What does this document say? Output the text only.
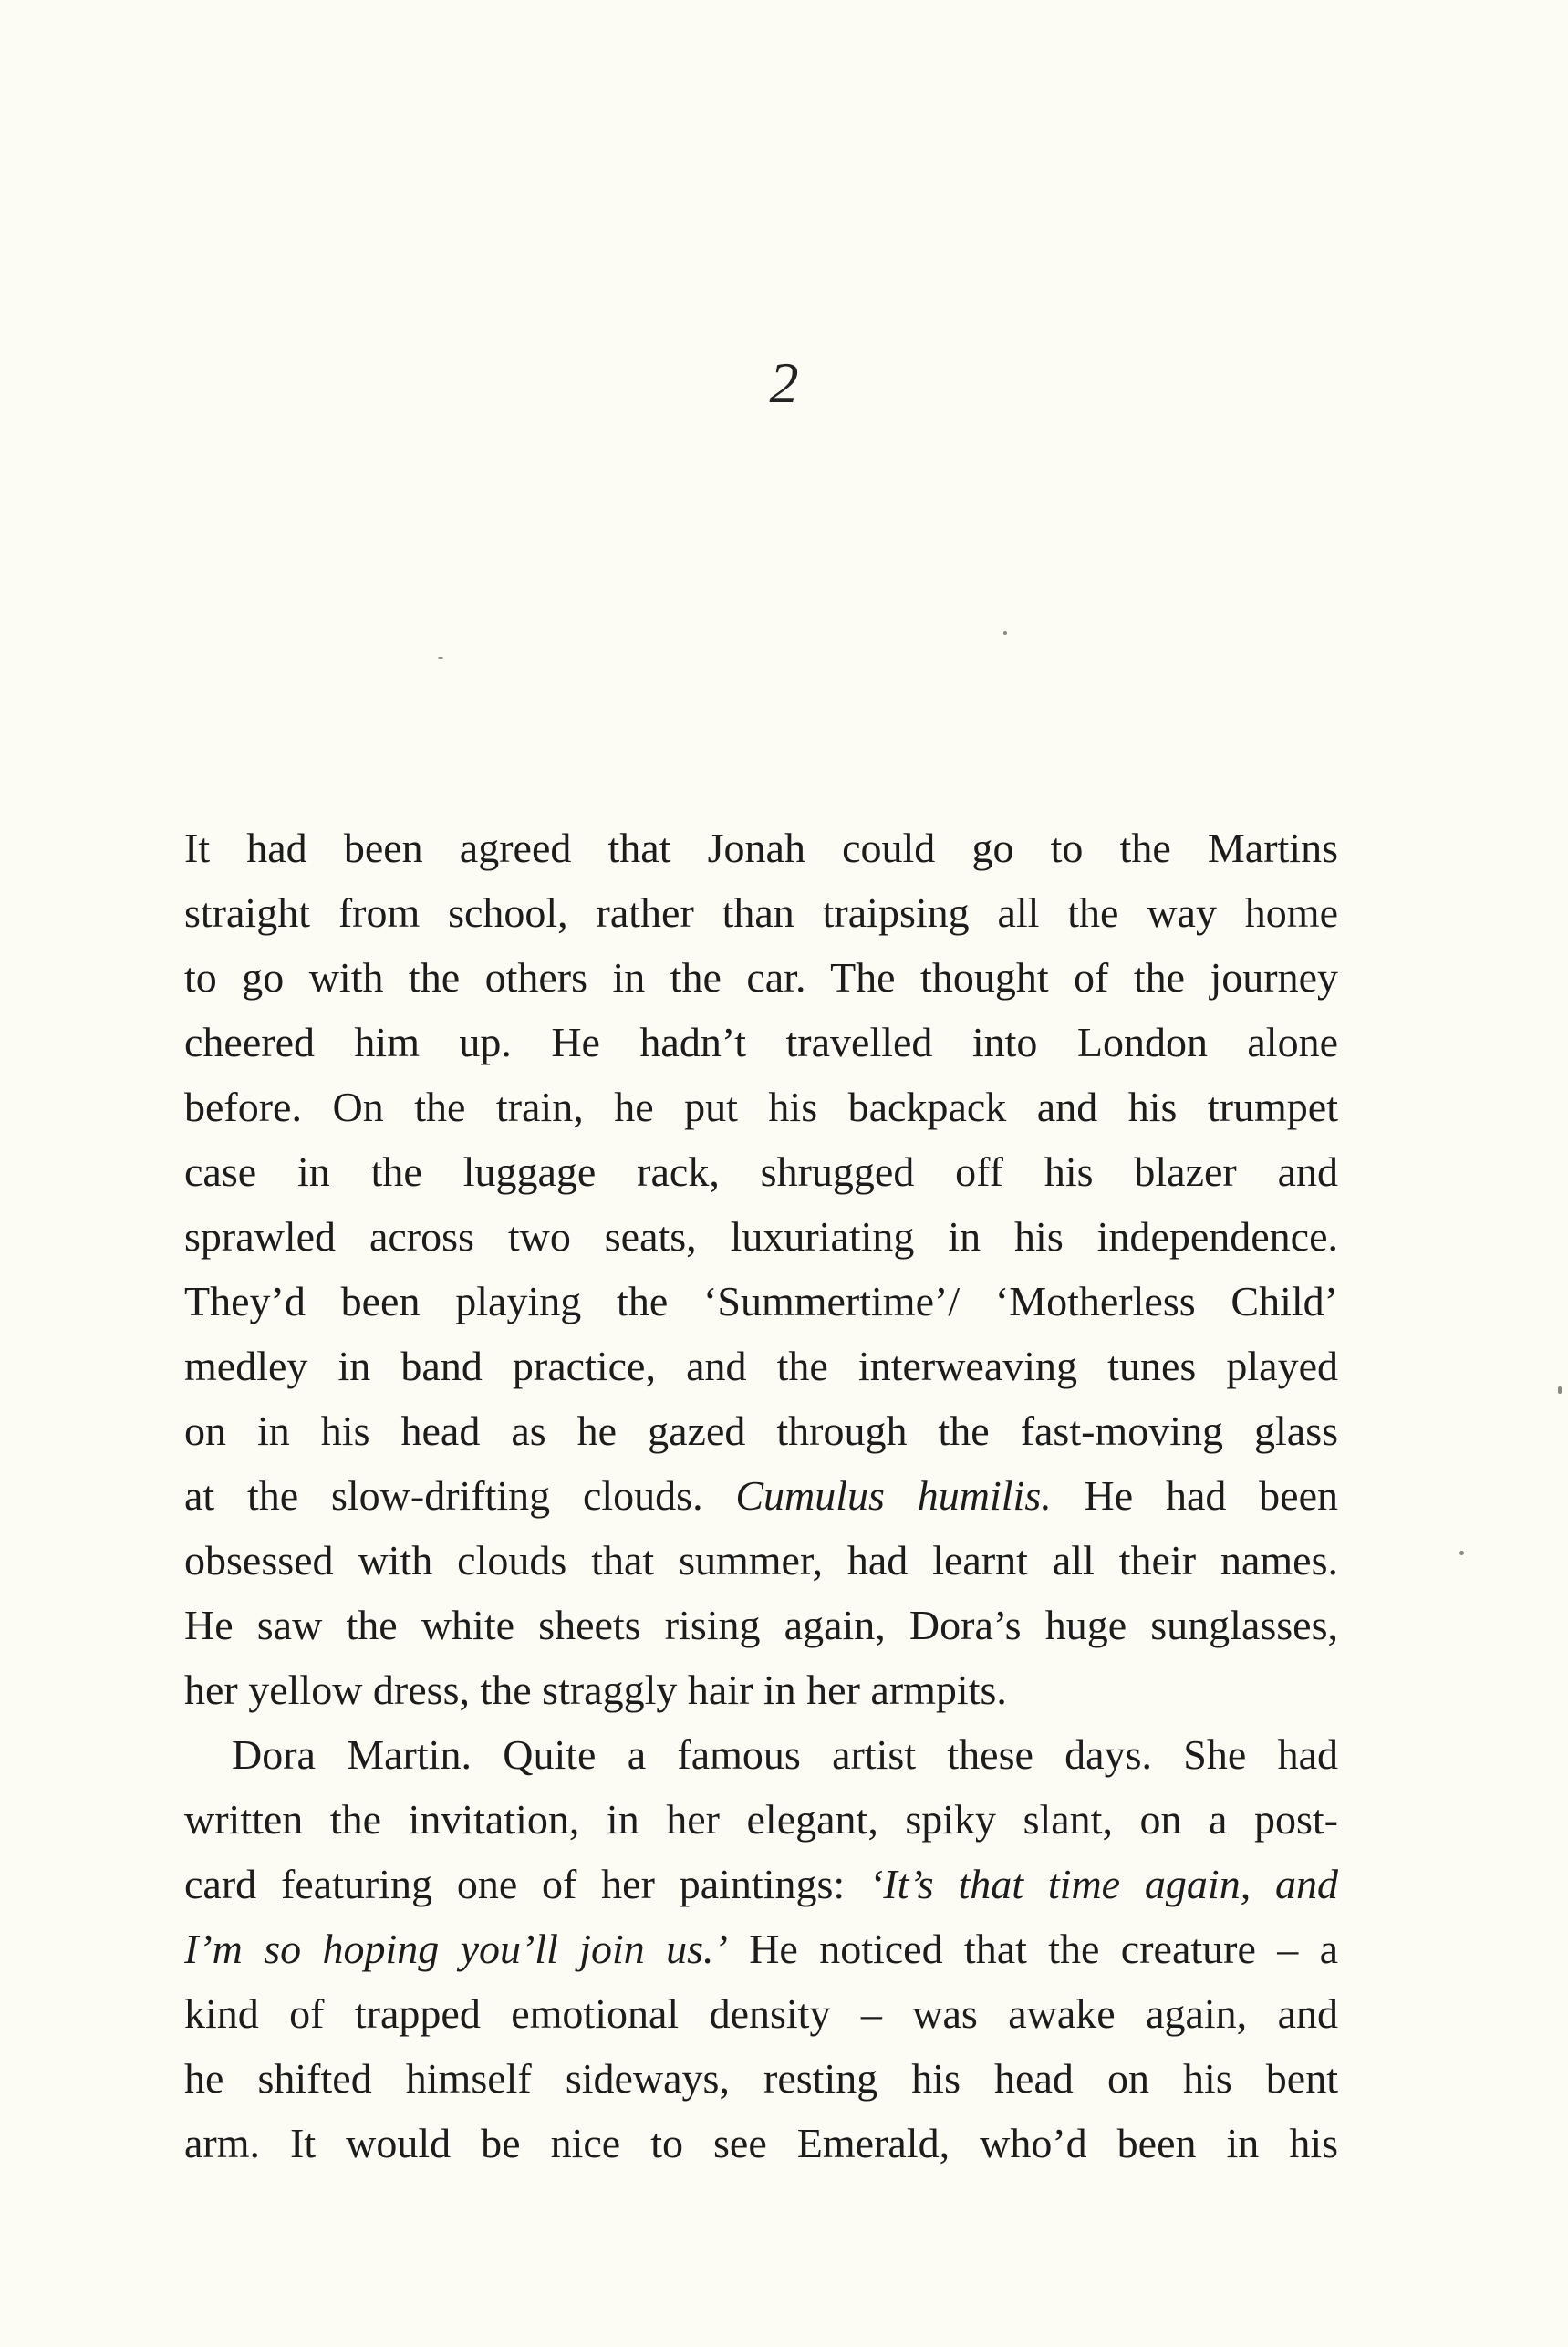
2
It had been agreed that Jonah could go to the Martins
straight from school, rather than traipsing all the way home
to go with the others in the car. The thought of the journey
cheered him up. He hadn’t travelled into London alone
before. On the train, he put his backpack and his trumpet
case in the luggage rack, shrugged off his blazer and
sprawled across two seats, luxuriating in his independence.
They’d been playing the ‘Summertime’/ ‘Motherless Child’
medley in band practice, and the interweaving tunes played
on in his head as he gazed through the fast-moving glass
at the slow-drifting clouds. Cumulus humilis. He had been
obsessed with clouds that summer, had learnt all their names.
He saw the white sheets rising again, Dora’s huge sunglasses,
her yellow dress, the straggly hair in her armpits.
Dora Martin. Quite a famous artist these days. She had
written the invitation, in her elegant, spiky slant, on a post-
card featuring one of her paintings: ‘It’s that time again, and
I’m so hoping you’ll join us.’ He noticed that the creature – a
kind of trapped emotional density – was awake again, and
he shifted himself sideways, resting his head on his bent
arm. It would be nice to see Emerald, who’d been in his
